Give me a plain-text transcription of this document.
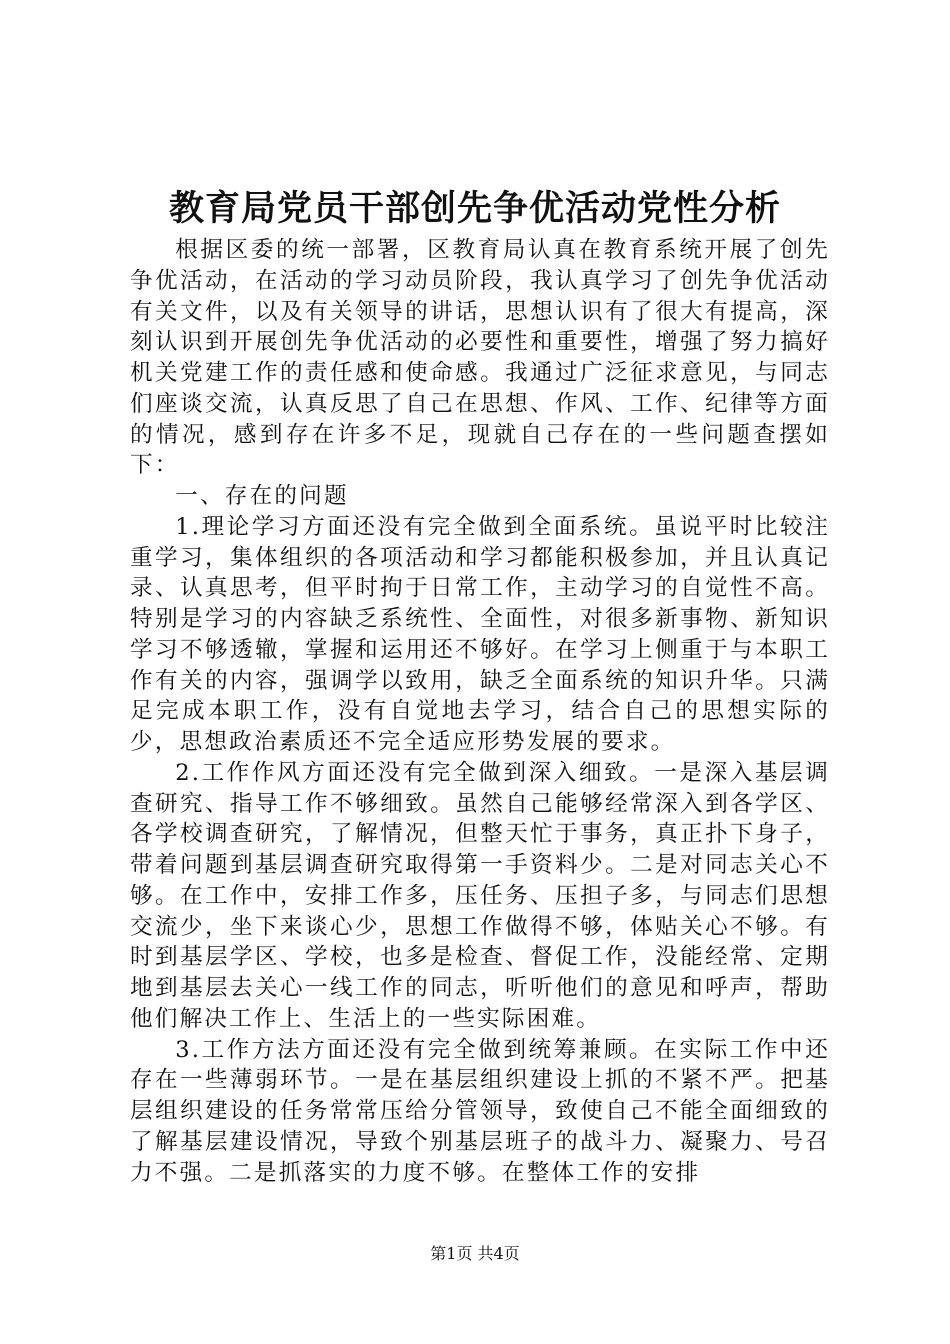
教育局党员干部创先争优活动党性分析

根据区委的统一部署，区教育局认真在教育系统开展了创先争优活动，在活动的学习动员阶段，我认真学习了创先争优活动有关文件，以及有关领导的讲话，思想认识有了很大有提高，深刻认识到开展创先争优活动的必要性和重要性，增强了努力搞好机关党建工作的责任感和使命感。我通过广泛征求意见，与同志们座谈交流，认真反思了自己在思想、作风、工作、纪律等方面的情况，感到存在许多不足，现就自己存在的一些问题查摆如下：

一、存在的问题

1.理论学习方面还没有完全做到全面系统。虽说平时比较注重学习，集体组织的各项活动和学习都能积极参加，并且认真记录、认真思考，但平时拘于日常工作，主动学习的自觉性不高。特别是学习的内容缺乏系统性、全面性，对很多新事物、新知识学习不够透辙，掌握和运用还不够好。在学习上侧重于与本职工作有关的内容，强调学以致用，缺乏全面系统的知识升华。只满足完成本职工作，没有自觉地去学习，结合自己的思想实际的少，思想政治素质还不完全适应形势发展的要求。

2.工作作风方面还没有完全做到深入细致。一是深入基层调查研究、指导工作不够细致。虽然自己能够经常深入到各学区、各学校调查研究，了解情况，但整天忙于事务，真正扑下身子，带着问题到基层调查研究取得第一手资料少。二是对同志关心不够。在工作中，安排工作多，压任务、压担子多，与同志们思想交流少，坐下来谈心少，思想工作做得不够，体贴关心不够。有时到基层学区、学校，也多是检查、督促工作，没能经常、定期地到基层去关心一线工作的同志，听听他们的意见和呼声，帮助他们解决工作上、生活上的一些实际困难。

3.工作方法方面还没有完全做到统筹兼顾。在实际工作中还存在一些薄弱环节。一是在基层组织建设上抓的不紧不严。把基层组织建设的任务常常压给分管领导，致使自己不能全面细致的了解基层建设情况，导致个别基层班子的战斗力、凝聚力、号召力不强。二是抓落实的力度不够。在整体工作的安排

第1页 共4页
